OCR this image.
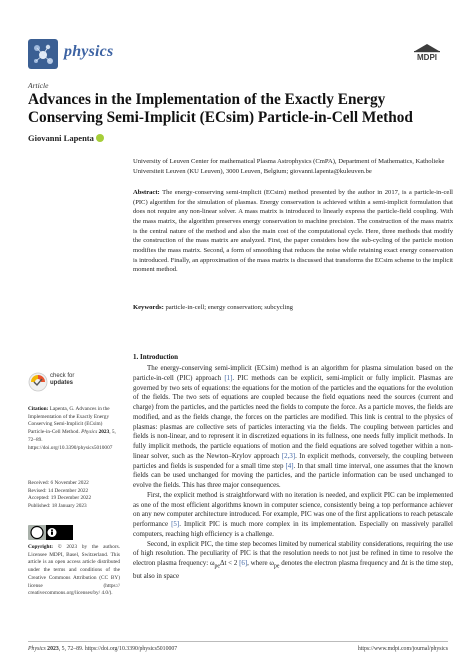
physics	MDPI
Article
Advances in the Implementation of the Exactly Energy Conserving Semi-Implicit (ECsim) Particle-in-Cell Method
Giovanni Lapenta
University of Leuven Center for mathematical Plasma Astrophysics (CmPA), Department of Mathematics, Katholieke Universiteit Leuven (KU Leuven), 3000 Leuven, Belgium; giovanni.lapenta@kuleuven.be
Abstract: The energy-conserving semi-implicit (ECsim) method presented by the author in 2017, is a particle-in-cell (PIC) algorithm for the simulation of plasmas. Energy conservation is achieved within a semi-implicit formulation that does not require any non-linear solver. A mass matrix is introduced to linearly express the particle-field coupling. With the mass matrix, the algorithm preserves energy conservation to machine precision. The construction of the mass matrix is the central nature of the method and also the main cost of the computational cycle. Here, three methods that modify the construction of the mass matrix are analyzed. First, the paper considers how the sub-cycling of the particle motion modifies the mass matrix. Second, a form of smoothing that reduces the noise while retaining exact energy conservation is introduced. Finally, an approximation of the mass matrix is discussed that transforms the ECsim scheme to the implicit moment method.
Keywords: particle-in-cell; energy conservation; subcycling
1. Introduction

The energy-conserving semi-implicit (ECsim) method is an algorithm for plasma simulation based on the particle-in-cell (PIC) approach [1]. PIC methods can be explicit, semi-implicit or fully implicit. Plasmas are governed by two sets of equations: the equations for the motion of the particles and the equations for the evolution of the fields. The two sets of equations are coupled because the field equations need the sources (current and charge) from the particles, and the particles need the fields to compute the force. As a particle moves, the fields are modified, and as the fields change, the forces on the particles are modified. This link is central to the physics of plasmas: plasmas are collective sets of particles interacting via the fields. The coupling between particles and fields is non-linear, and to represent it in discretized equations in its fullness, one needs fully implicit methods. In fully implicit methods, the particle equations of motion and the field equations are solved together within a non-linear solver, such as the Newton–Krylov approach [2,3]. In explicit methods, conversely, the coupling between particles and fields is suspended for a small time step [4]. In that small time interval, one assumes that the known fields can be used unchanged for moving the particles, and the particle information can be used unchanged to evolve the fields. This has three major consequences.

First, the explicit method is straightforward with no iteration is needed, and explicit PIC can be implemented as one of the most efficient algorithms known in computer science, consistently being a top performance achiever on any new computer architecture introduced. For example, PIC was one of the first applications to reach petascale performance [5]. Implicit PIC is much more complex in its implementation. Especially on massively parallel computers, reaching high efficiency is a challenge.

Second, in explicit PIC, the time step becomes limited by numerical stability considerations, requiring the use of high resolution. The peculiarity of PIC is that the resolution needs to not just be refined in time to resolve the electron plasma frequency: $\omega_{pe}\Delta t < 2$ [6], where $\omega_{pe}$ denotes the electron plasma frequency and Δt is the time step, but also in space

check for
updates
Citation: Lapenta, G. Advances in the Implementation of the Exactly Energy Conserving Semi-Implicit (ECsim) Particle-in-Cell Method. Physics 2023, 5, 72–89. https://doi.org/10.3390/physics5010007
Received: 6 November 2022
Revised: 14 December 2022
Accepted: 19 December 2022
Published: 18 January 2023
Copyright: © 2023 by the authors. Licensee MDPI, Basel, Switzerland. This article is an open access article distributed under the terms and conditions of the Creative Commons Attribution (CC BY) license (https:// creativecommons.org/licenses/by/ 4.0/).
Physics 2023, 5, 72–89. https://doi.org/10.3390/physics5010007	https://www.mdpi.com/journal/physics
